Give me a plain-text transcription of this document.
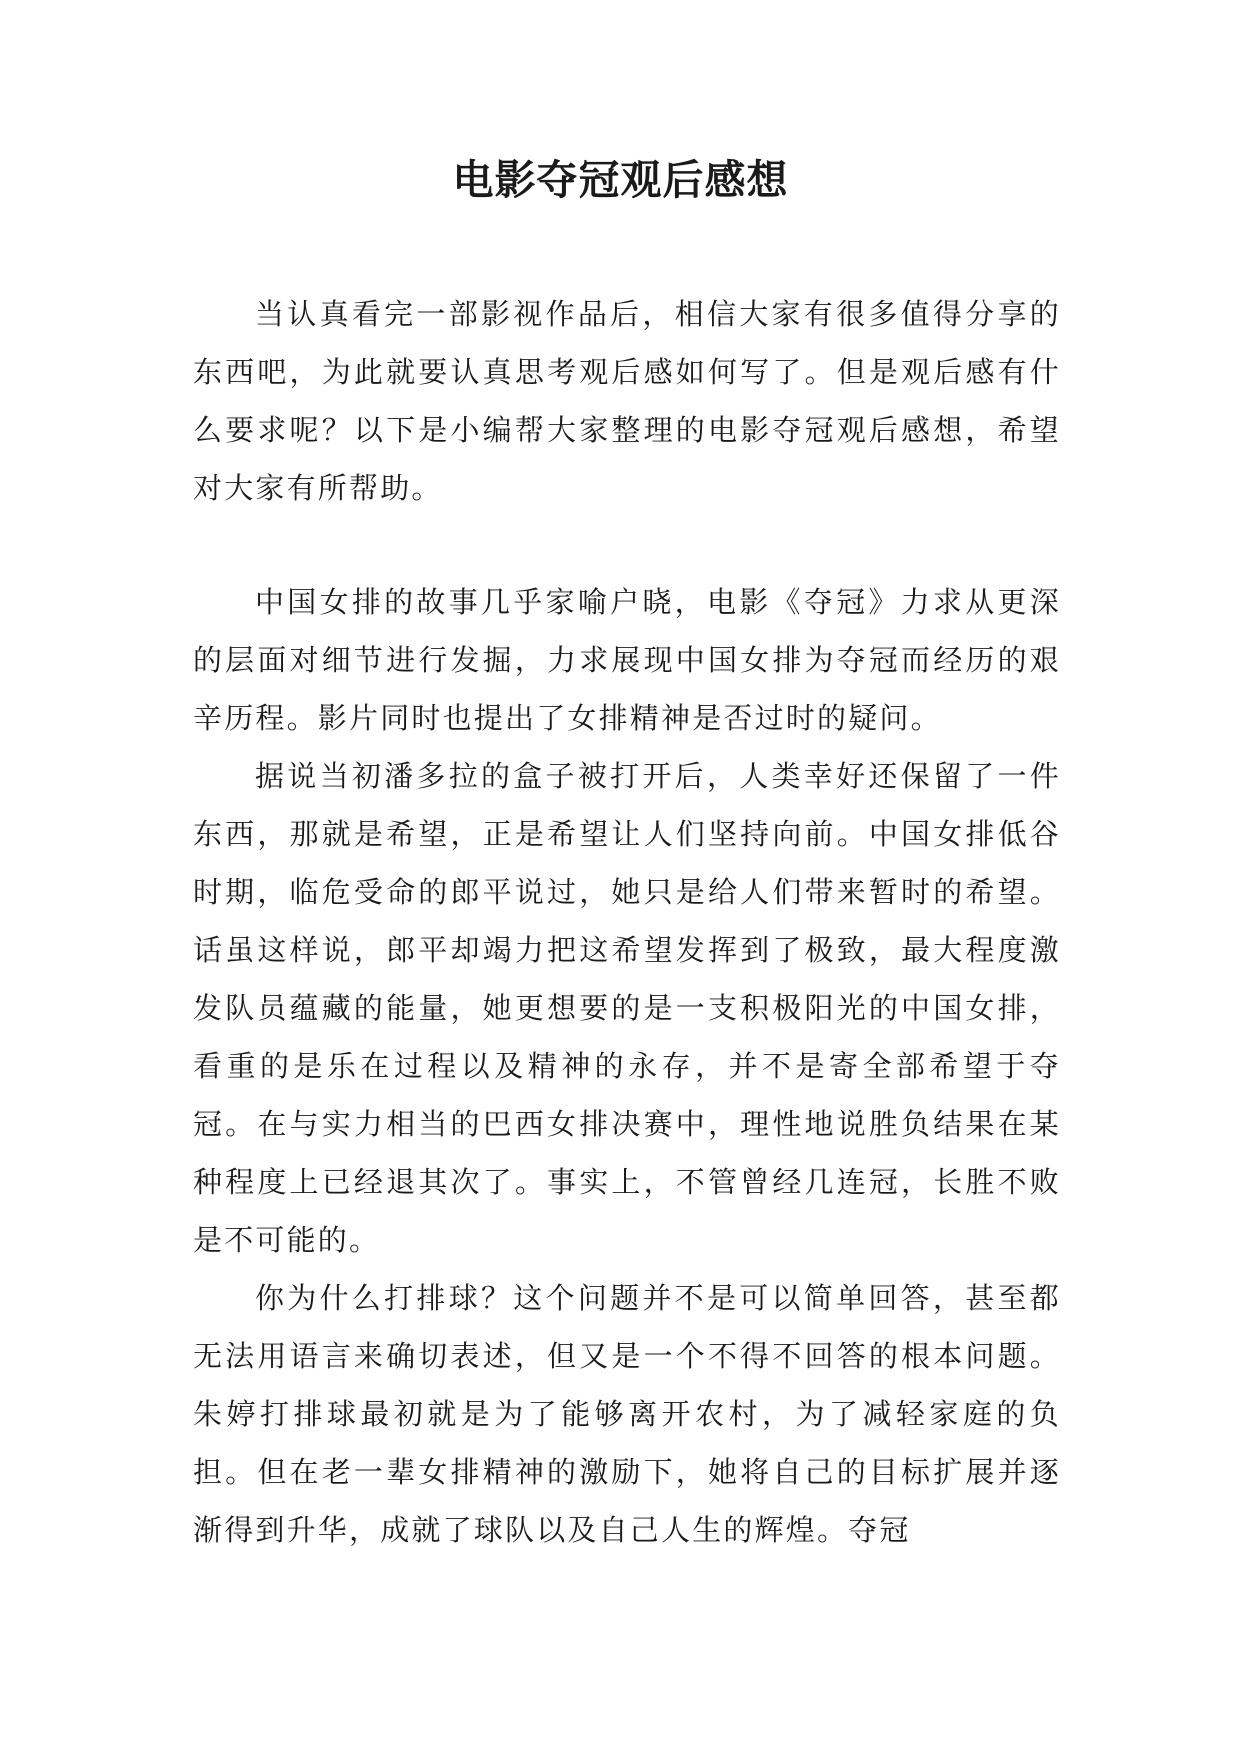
电影夺冠观后感想

当认真看完一部影视作品后，相信大家有很多值得分享的东西吧，为此就要认真思考观后感如何写了。但是观后感有什么要求呢？以下是小编帮大家整理的电影夺冠观后感想，希望对大家有所帮助。

中国女排的故事几乎家喻户晓，电影《夺冠》力求从更深的层面对细节进行发掘，力求展现中国女排为夺冠而经历的艰辛历程。影片同时也提出了女排精神是否过时的疑问。

据说当初潘多拉的盒子被打开后，人类幸好还保留了一件东西，那就是希望，正是希望让人们坚持向前。中国女排低谷时期，临危受命的郎平说过，她只是给人们带来暂时的希望。话虽这样说，郎平却竭力把这希望发挥到了极致，最大程度激发队员蕴藏的能量，她更想要的是一支积极阳光的中国女排，看重的是乐在过程以及精神的永存，并不是寄全部希望于夺冠。在与实力相当的巴西女排决赛中，理性地说胜负结果在某种程度上已经退其次了。事实上，不管曾经几连冠，长胜不败是不可能的。

你为什么打排球？这个问题并不是可以简单回答，甚至都无法用语言来确切表述，但又是一个不得不回答的根本问题。朱婷打排球最初就是为了能够离开农村，为了减轻家庭的负担。但在老一辈女排精神的激励下，她将自己的目标扩展并逐渐得到升华，成就了球队以及自己人生的辉煌。夺冠
